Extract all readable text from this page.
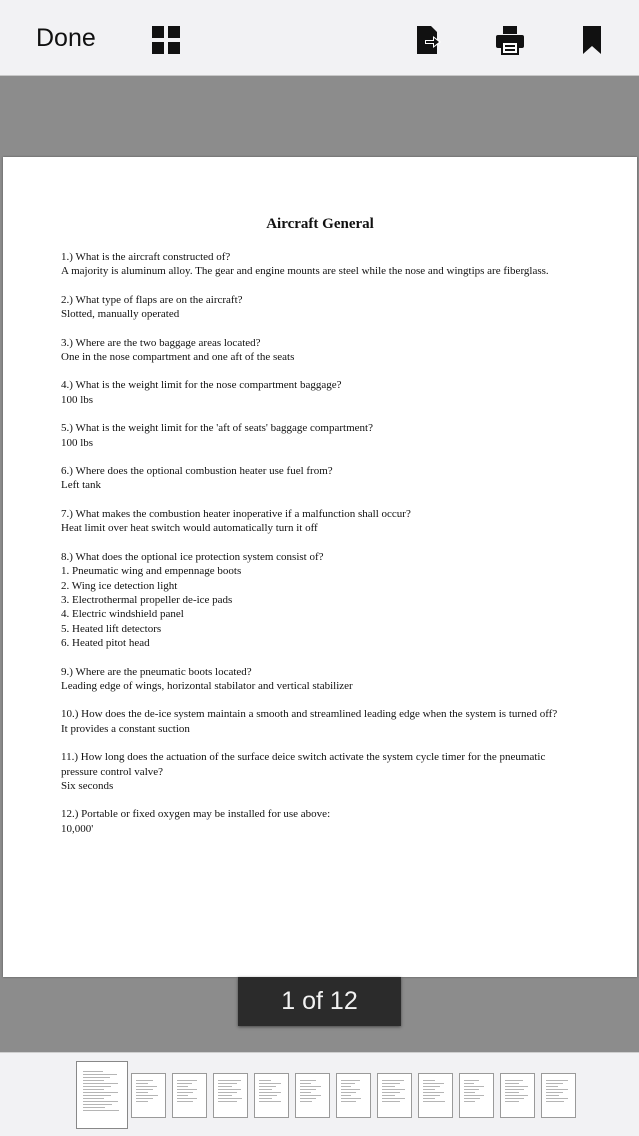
Done
Aircraft General
1.) What is the aircraft constructed of?
A majority is aluminum alloy. The gear and engine mounts are steel while the nose and wingtips are fiberglass.
2.) What type of flaps are on the aircraft?
Slotted, manually operated
3.) Where are the two baggage areas located?
One in the nose compartment and one aft of the seats
4.) What is the weight limit for the nose compartment baggage?
100 lbs
5.) What is the weight limit for the 'aft of seats' baggage compartment?
100 lbs
6.) Where does the optional combustion heater use fuel from?
Left tank
7.) What makes the combustion heater inoperative if a malfunction shall occur?
Heat limit over heat switch would automatically turn it off
8.) What does the optional ice protection system consist of?
1. Pneumatic wing and empennage boots
2. Wing ice detection light
3. Electrothermal propeller de-ice pads
4. Electric windshield panel
5. Heated lift detectors
6. Heated pitot head
9.) Where are the pneumatic boots located?
Leading edge of wings, horizontal stabilator and vertical stabilizer
10.) How does the de-ice system maintain a smooth and streamlined leading edge when the system is turned off?
It provides a constant suction
11.) How long does the actuation of the surface deice switch activate the system cycle timer for the pneumatic pressure control valve?
Six seconds
12.) Portable or fixed oxygen may be installed for use above:
10,000'
1 of 12
